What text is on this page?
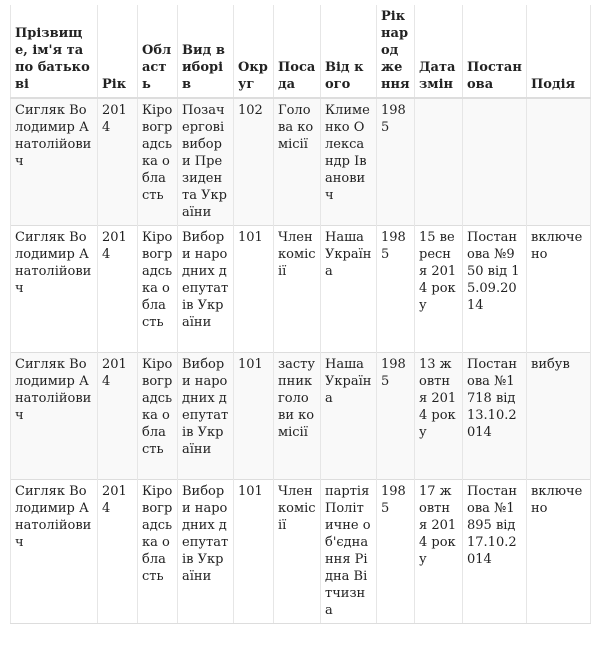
Прізвище, ім'я та по батькові	Рік	Область	Вид виборів	Округ	Посада	Від кого	Рік народження	Дата змін	Постанова	Подія
Сигляк Володимир Анатолійович	2014	Кіровоградська область	Позачергові вибори Президента України	102	Голова комісії	Клименко Олександр Іванович	1985			
Сигляк Володимир Анатолійович	2014	Кіровоградська область	Вибори народних депутатів України	101	Член комісії	Наша Україна	1985	15 вересня 2014 року	Постанова №950 від 15.09.2014	включено
Сигляк Володимир Анатолійович	2014	Кіровоградська область	Вибори народних депутатів України	101	заступник голови комісії	Наша Україна	1985	13 жовтня 2014 року	Постанова №1718 від 13.10.2014	вибув
Сигляк Володимир Анатолійович	2014	Кіровоградська область	Вибори народних депутатів України	101	Член комісії	партія Політичне об'єднання Рідна Вітчизна	1985	17 жовтня 2014 року	Постанова №1895 від 17.10.2014	включено
